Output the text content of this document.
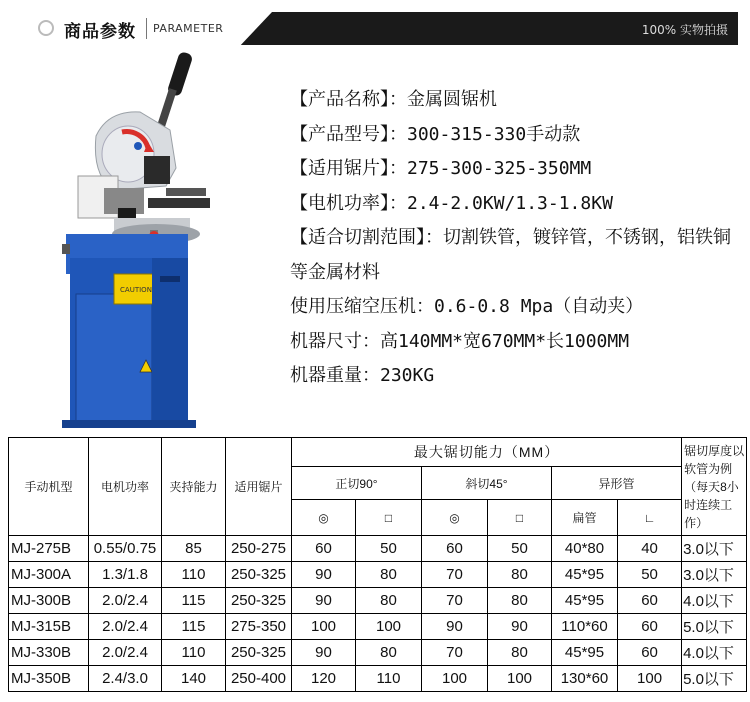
商品参数 PARAMETER	100% 实物拍摄
CAUTION
【产品名称】：金属圆锯机
【产品型号】：300-315-330手动款
【适用锯片】：275-300-325-350MM
【电机功率】：2.4-2.0KW/1.3-1.8KW
【适合切割范围】：切割铁管，镀锌管，不锈钢，铝铁铜等金属材料
使用压缩空压机：0.6-0.8 Mpa（自动夹）
机器尺寸：高140MM*宽670MM*长1000MM
机器重量：230KG
手动机型	电机功率	夹持能力	适用锯片	最大锯切能力（MM）						锯切厚度以软管为例（每天8小时连续工作）
				正切90°		斜切45°		异形管		
				◎	□	◎	□	扁管	∟	
MJ-275B	0.55/0.75	85	250-275	60	50	60	50	40*80	40	3.0以下
MJ-300A	1.3/1.8	110	250-325	90	80	70	80	45*95	50	3.0以下
MJ-300B	2.0/2.4	115	250-325	90	80	70	80	45*95	60	4.0以下
MJ-315B	2.0/2.4	115	275-350	100	100	90	90	110*60	60	5.0以下
MJ-330B	2.0/2.4	110	250-325	90	80	70	80	45*95	60	4.0以下
MJ-350B	2.4/3.0	140	250-400	120	110	100	100	130*60	100	5.0以下
